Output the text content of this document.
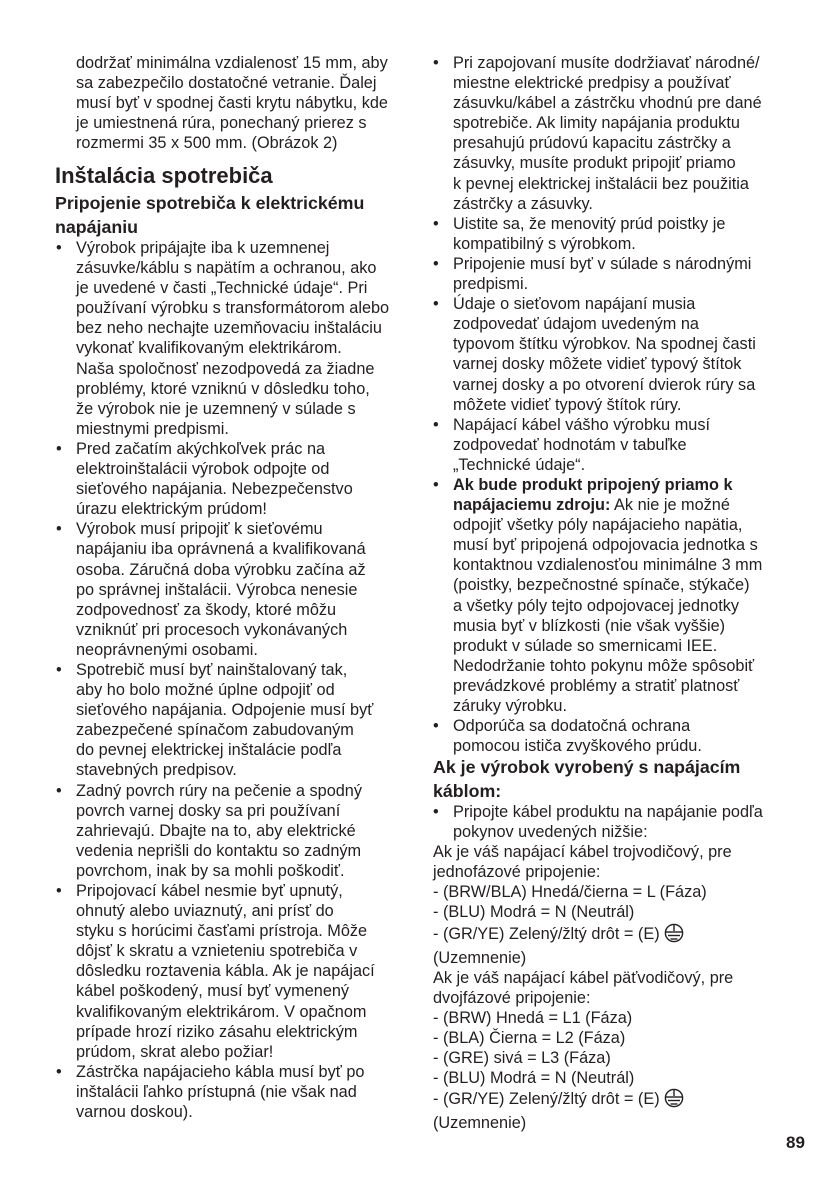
dodržať minimálna vzdialenosť 15 mm, aby
sa zabezpečilo dostatočné vetranie. Ďalej
musí byť v spodnej časti krytu nábytku, kde
je umiestnená rúra, ponechaný prierez s
rozmermi 35 x 500 mm. (Obrázok 2)

Inštalácia spotrebiča
Pripojenie spotrebiča k elektrickému
napájaniu
• Výrobok pripájajte iba k uzemnenej
zásuvke/káblu s napätím a ochranou, ako
je uvedené v časti „Technické údaje“. Pri
používaní výrobku s transformátorom alebo
bez neho nechajte uzemňovaciu inštaláciu
vykonať kvalifikovaným elektrikárom.
Naša spoločnosť nezodpovedá za žiadne
problémy, ktoré vzniknú v dôsledku toho,
že výrobok nie je uzemnený v súlade s
miestnymi predpismi.
• Pred začatím akýchkoľvek prác na
elektroinštalácii výrobok odpojte od
sieťového napájania. Nebezpečenstvo
úrazu elektrickým prúdom!
• Výrobok musí pripojiť k sieťovému
napájaniu iba oprávnená a kvalifikovaná
osoba. Záručná doba výrobku začína až
po správnej inštalácii. Výrobca nenesie
zodpovednosť za škody, ktoré môžu
vzniknúť pri procesoch vykonávaných
neoprávnenými osobami.
• Spotrebič musí byť nainštalovaný tak,
aby ho bolo možné úplne odpojiť od
sieťového napájania. Odpojenie musí byť
zabezpečené spínačom zabudovaným
do pevnej elektrickej inštalácie podľa
stavebných predpisov.
• Zadný povrch rúry na pečenie a spodný
povrch varnej dosky sa pri používaní
zahrievajú. Dbajte na to, aby elektrické
vedenia neprišli do kontaktu so zadným
povrchom, inak by sa mohli poškodiť.
• Pripojovací kábel nesmie byť upnutý,
ohnutý alebo uviaznutý, ani prísť do
styku s horúcimi časťami prístroja. Môže
dôjsť k skratu a vznieteniu spotrebiča v
dôsledku roztavenia kábla. Ak je napájací
kábel poškodený, musí byť vymenený
kvalifikovaným elektrikárom. V opačnom
prípade hrozí riziko zásahu elektrickým
prúdom, skrat alebo požiar!
• Zástrčka napájacieho kábla musí byť po
inštalácii ľahko prístupná (nie však nad
varnou doskou).
• Pri zapojovaní musíte dodržiavať národné/
miestne elektrické predpisy a používať
zásuvku/kábel a zástrčku vhodnú pre dané
spotrebiče. Ak limity napájania produktu
presahujú prúdovú kapacitu zástrčky a
zásuvky, musíte produkt pripojiť priamo
k pevnej elektrickej inštalácii bez použitia
zástrčky a zásuvky.
• Uistite sa, že menovitý prúd poistky je
kompatibilný s výrobkom.
• Pripojenie musí byť v súlade s národnými
predpismi.
• Údaje o sieťovom napájaní musia
zodpovedať údajom uvedeným na
typovom štítku výrobkov. Na spodnej časti
varnej dosky môžete vidieť typový štítok
varnej dosky a po otvorení dvierok rúry sa
môžete vidieť typový štítok rúry.
• Napájací kábel vášho výrobku musí
zodpovedať hodnotám v tabuľke
„Technické údaje“.
• Ak bude produkt pripojený priamo k
napájaciemu zdroju: Ak nie je možné
odpojiť všetky póly napájacieho napätia,
musí byť pripojená odpojovacia jednotka s
kontaktnou vzdialenosťou minimálne 3 mm
(poistky, bezpečnostné spínače, stýkače)
a všetky póly tejto odpojovacej jednotky
musia byť v blízkosti (nie však vyššie)
produkt v súlade so smernicami IEE.
Nedodržanie tohto pokynu môže spôsobiť
prevádzkové problémy a stratiť platnosť
záruky výrobku.
• Odporúča sa dodatočná ochrana
pomocou ističa zvyškového prúdu.
Ak je výrobok vyrobený s napájacím
káblom:
• Pripojte kábel produktu na napájanie podľa
pokynov uvedených nižšie:

Ak je váš napájací kábel trojvodičový, pre
jednofázové pripojenie:

- (BRW/BLA) Hnedá/čierna = L (Fáza)

- (BLU) Modrá = N (Neutrál)

- (GR/YE) Zelený/žltý drôt = (E)

(Uzemnenie)

Ak je váš napájací kábel päťvodičový, pre
dvojfázové pripojenie:

- (BRW) Hnedá = L1 (Fáza)

- (BLA) Čierna = L2 (Fáza)

- (GRE) sivá = L3 (Fáza)

- (BLU) Modrá = N (Neutrál)

- (GR/YE) Zelený/žltý drôt = (E)

(Uzemnenie)

89
